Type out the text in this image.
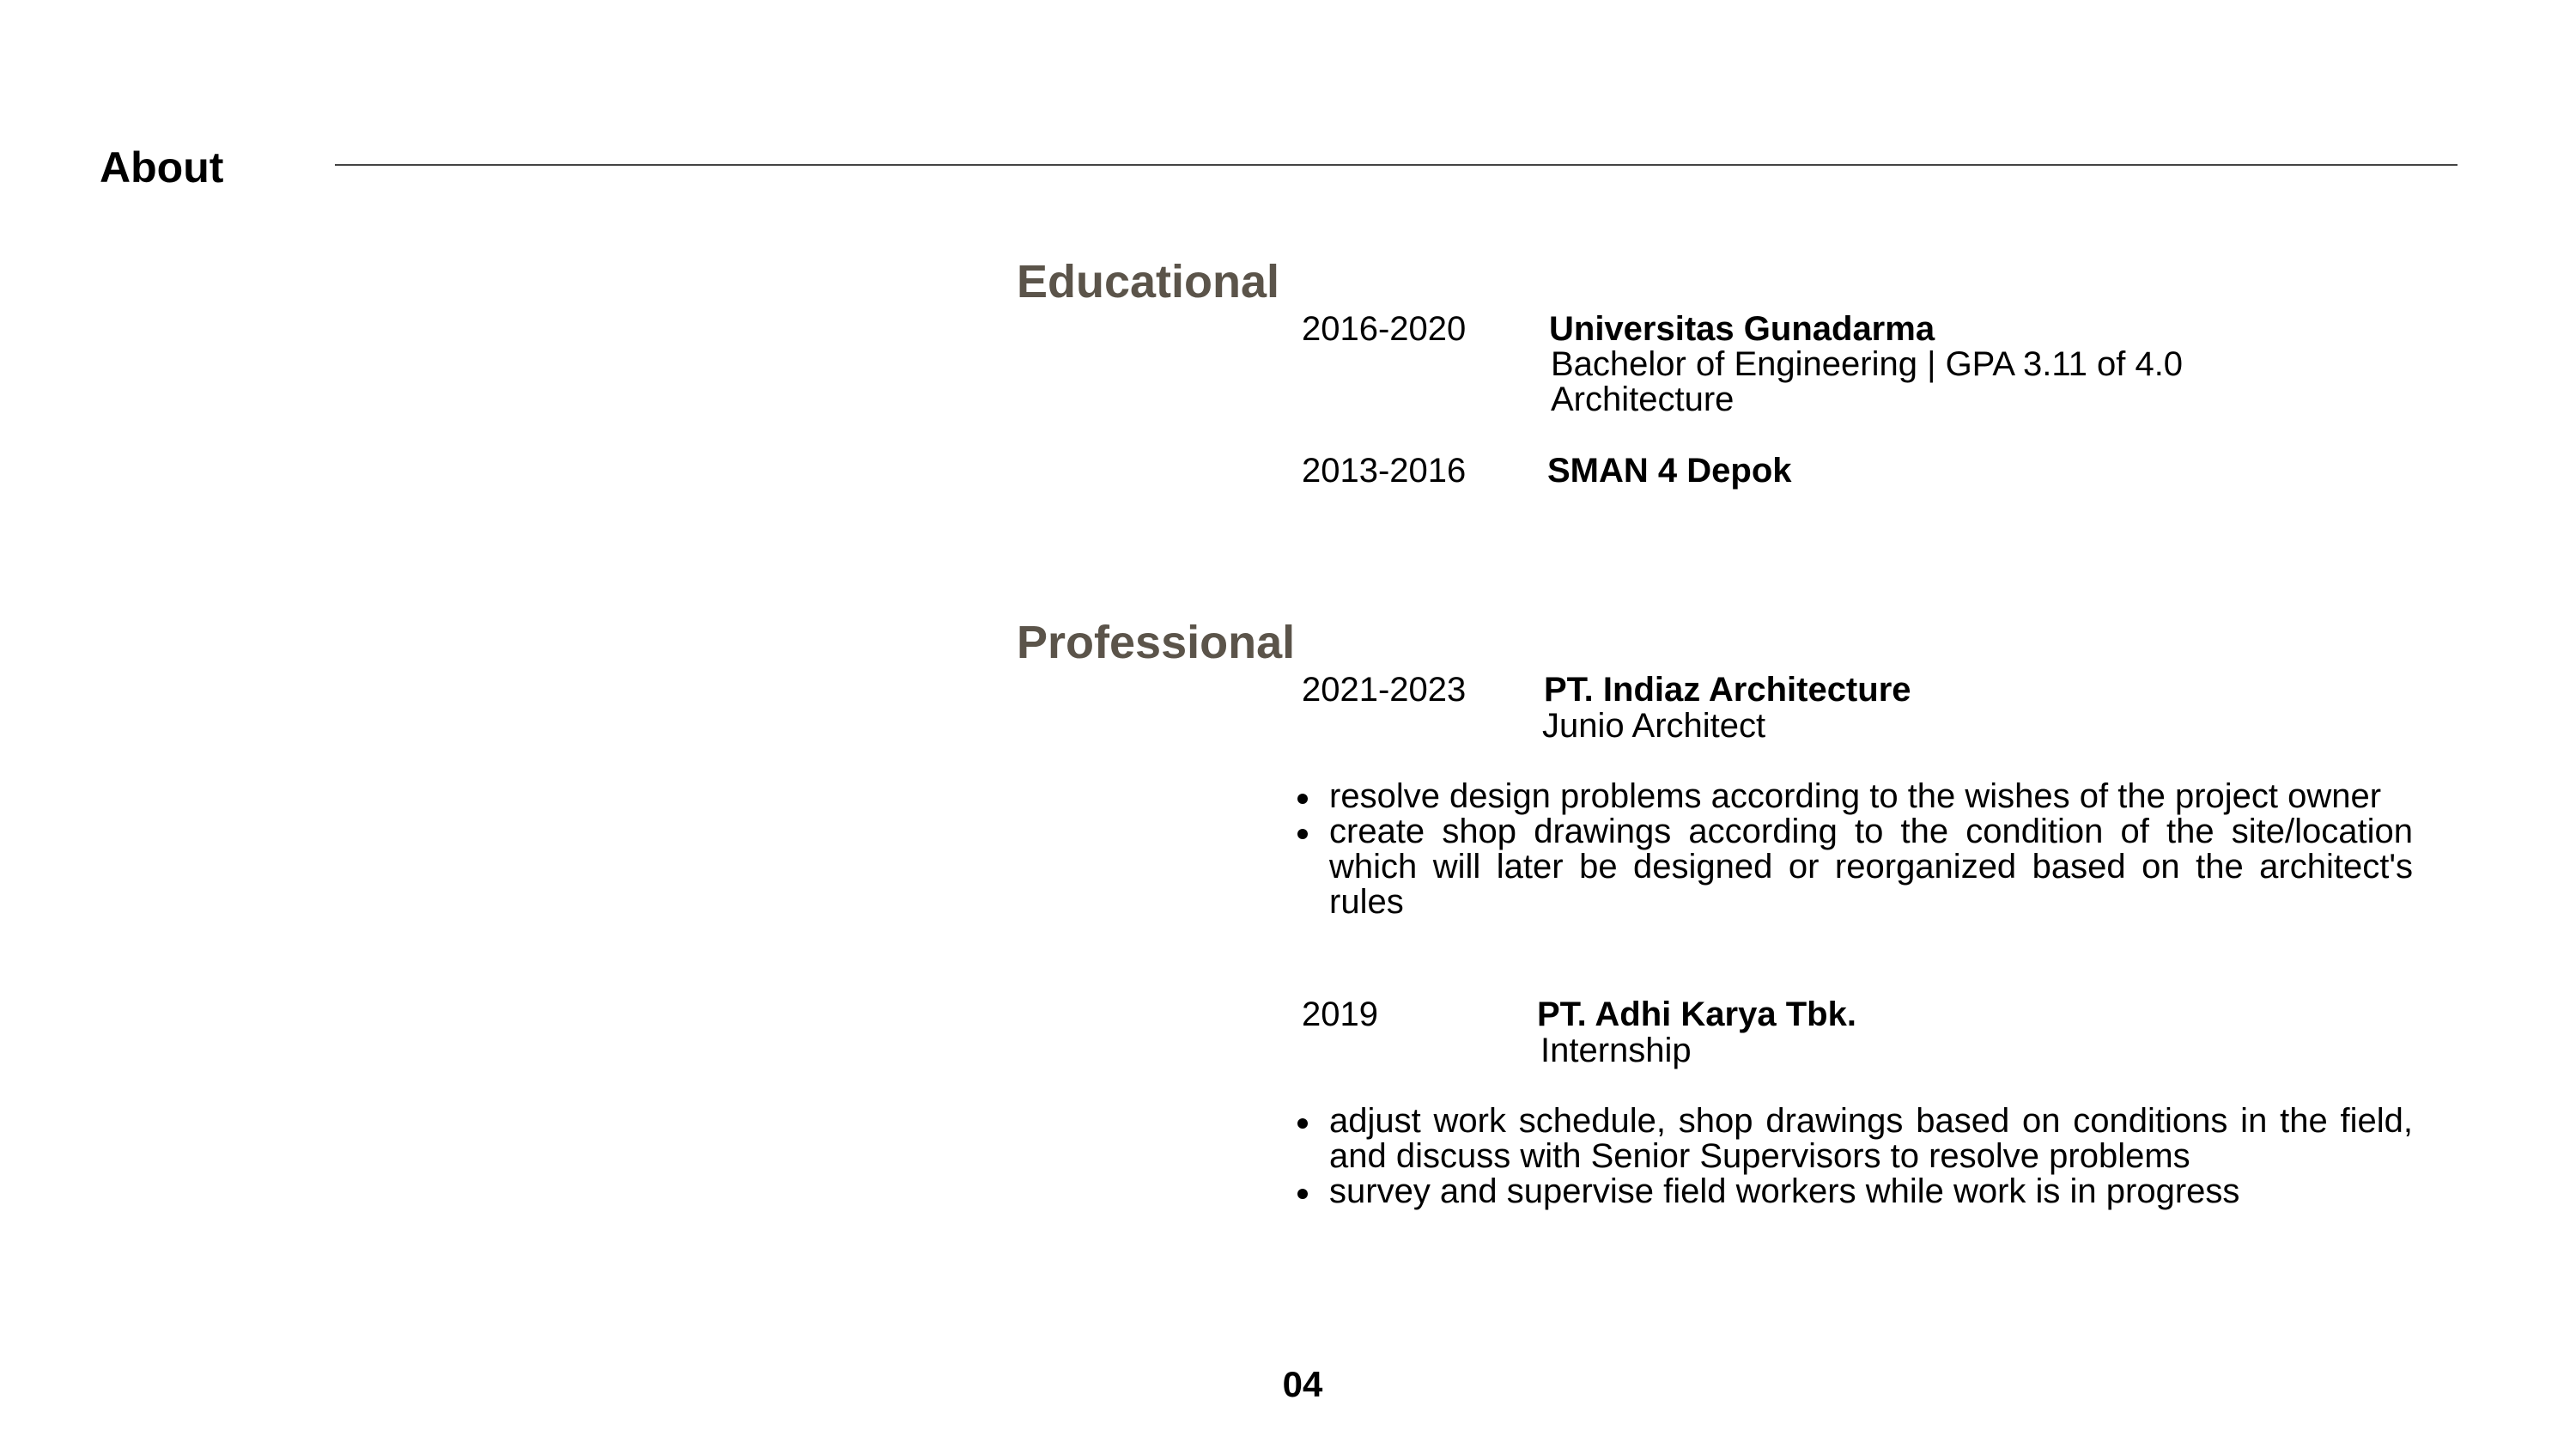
About
Educational
2016-2020 Universitas Gunadarma
Bachelor of Engineering | GPA 3.11 of 4.0
Architecture
2013-2016 SMAN 4 Depok
Professional
2021-2023 PT. Indiaz Architecture
Junio Architect
resolve design problems according to the wishes of the project owner
create shop drawings according to the condition of the site/location which will later be designed or reorganized based on the architect's rules
2019	PT. Adhi Karya Tbk.
Internship
adjust work schedule, shop drawings based on conditions in the field, and discuss with Senior Supervisors to resolve problems
survey and supervise field workers while work is in progress
04
